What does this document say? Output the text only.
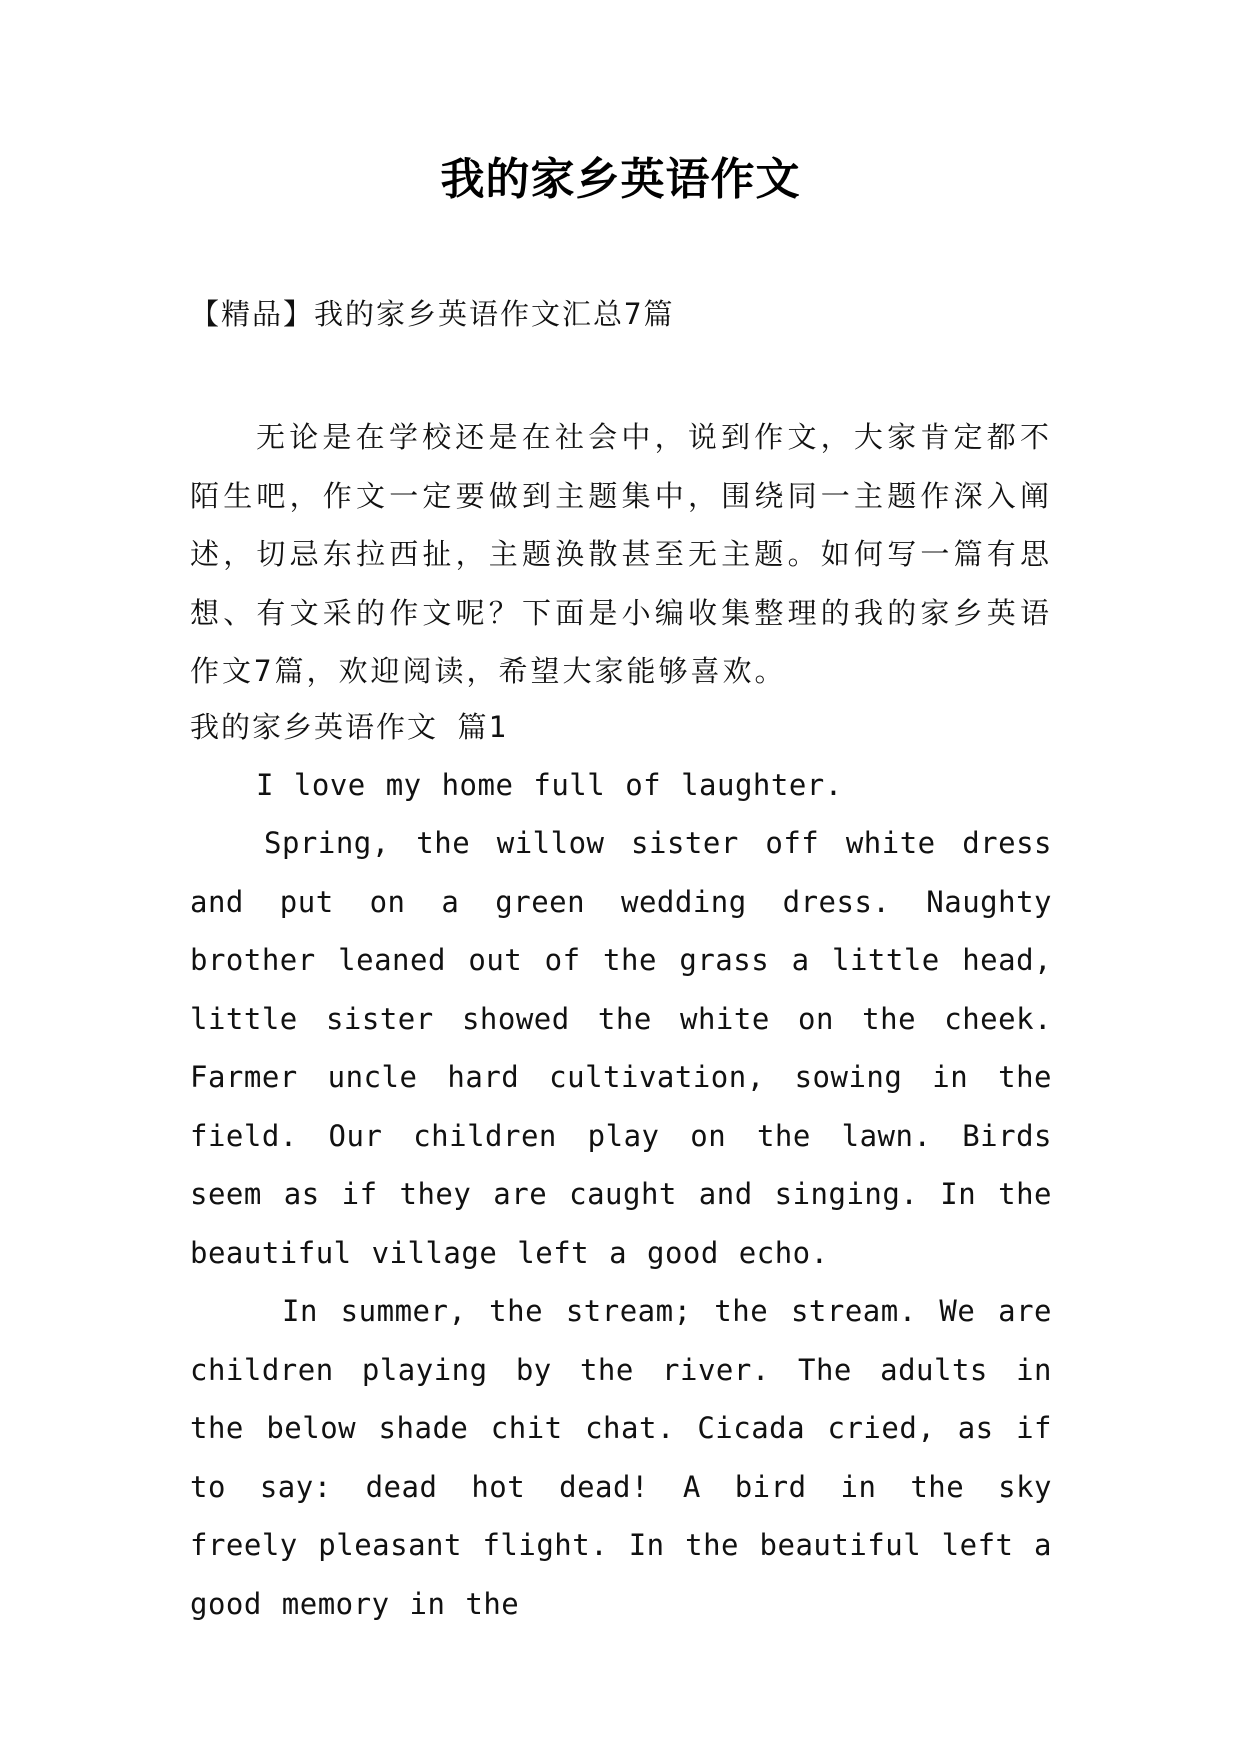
我的家乡英语作文
【精品】我的家乡英语作文汇总7篇
无论是在学校还是在社会中，说到作文，大家肯定都不陌生吧，作文一定要做到主题集中，围绕同一主题作深入阐述，切忌东拉西扯，主题涣散甚至无主题。如何写一篇有思想、有文采的作文呢？下面是小编收集整理的我的家乡英语作文7篇，欢迎阅读，希望大家能够喜欢。
我的家乡英语作文 篇1
I love my home full of laughter.
Spring, the willow sister off white dress and put on a green wedding dress. Naughty brother leaned out of the grass a little head, little sister showed the white on the cheek. Farmer uncle hard cultivation, sowing in the field. Our children play on the lawn. Birds seem as if they are caught and singing. In the beautiful village left a good echo.
In summer, the stream; the stream. We are children playing by the river. The adults in the below shade chit chat. Cicada cried, as if to say: dead hot dead! A bird in the sky freely pleasant flight. In the beautiful left a good memory in the
